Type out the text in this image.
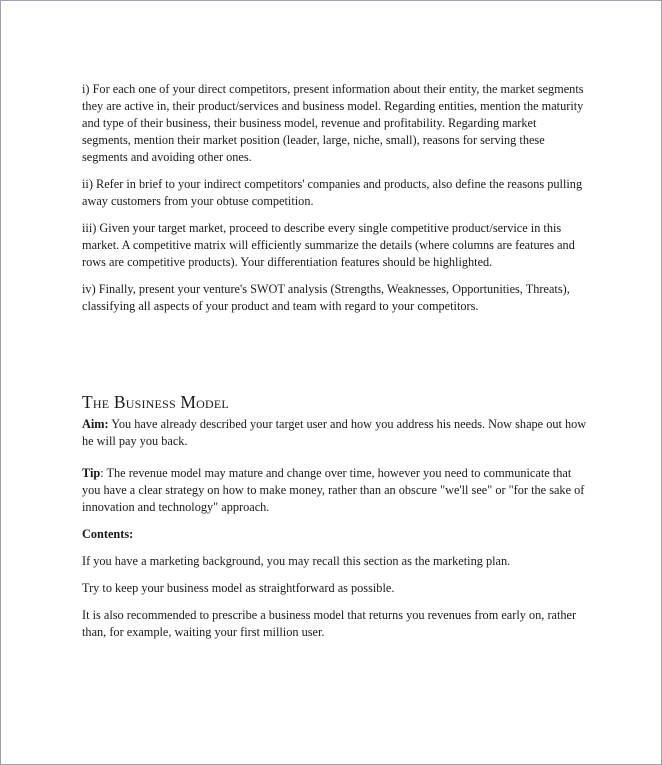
i) For each one of your direct competitors, present information about their entity, the market segments they are active in, their product/services and business model. Regarding entities, mention the maturity and type of their business, their business model, revenue and profitability. Regarding market segments, mention their market position (leader, large, niche, small), reasons for serving these segments and avoiding other ones.

ii) Refer in brief to your indirect competitors' companies and products, also define the reasons pulling away customers from your obtuse competition.

iii) Given your target market, proceed to describe every single competitive product/service in this market. A competitive matrix will efficiently summarize the details (where columns are features and rows are competitive products). Your differentiation features should be highlighted.

iv) Finally, present your venture's SWOT analysis (Strengths, Weaknesses, Opportunities, Threats), classifying all aspects of your product and team with regard to your competitors.

The Business Model

Aim: You have already described your target user and how you address his needs. Now shape out how he will pay you back.

Tip: The revenue model may mature and change over time, however you need to communicate that you have a clear strategy on how to make money, rather than an obscure "we'll see" or "for the sake of innovation and technology" approach.

Contents:

If you have a marketing background, you may recall this section as the marketing plan.

Try to keep your business model as straightforward as possible.

It is also recommended to prescribe a business model that returns you revenues from early on, rather than, for example, waiting your first million user.
